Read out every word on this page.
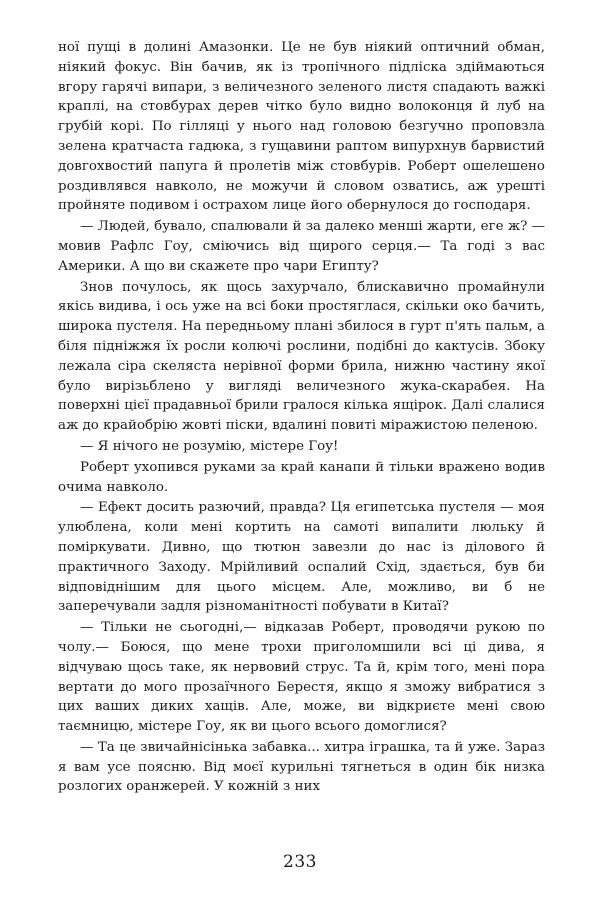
ної пущі в долині Амазонки. Це не був ніякий оптичний обман, ніякий фокус. Він бачив, як із тропічного підліска здіймаються вгору гарячі випари, з величезного зеленого листя спадають важкі краплі, на стовбурах дерев чітко було видно волоконця й луб на грубій корі. По гілляці у нього над головою безгучно проповзла зелена кратчаста гадюка, з гущавини раптом випурхнув барвистий довгохвостий папуга й пролетів між стовбурів. Роберт ошелешено роздивлявся навколо, не можучи й словом озватись, аж урешті пройняте подивом і острахом лице його обернулося до господаря.

— Людей, бувало, спалювали й за далеко менші жарти, еге ж? — мовив Рафлс Гоу, сміючись від щирого серця.— Та годі з вас Америки. А що ви скажете про чари Египту?

Знов почулось, як щось захурчало, блискавично промайнули якісь видива, і ось уже на всі боки простяглася, скільки око бачить, широка пустеля. На передньому плані збилося в гурт п'ять пальм, а біля підніжжя їх росли колючі рослини, подібні до кактусів. Збоку лежала сіра скеляста нерівної форми брила, нижню частину якої було вирізьблено у вигляді величезного жука-скарабея. На поверхні цієї прадавньої брили гралося кілька ящірок. Далі слалися аж до крайобрію жовті піски, вдалині повиті міражистою пеленою.

— Я нічого не розумію, містере Гоу!

Роберт ухопився руками за край канапи й тільки вражено водив очима навколо.

— Ефект досить разючий, правда? Ця египетська пустеля — моя улюблена, коли мені кортить на самоті випалити люльку й поміркувати. Дивно, що тютюн завезли до нас із ділового й практичного Заходу. Мрійливий оспалий Схід, здається, був би відповіднішим для цього місцем. Але, можливо, ви б не заперечували задля різноманітності побувати в Китаї?

— Тільки не сьогодні,— відказав Роберт, проводячи рукою по чолу.— Боюся, що мене трохи приголомшили всі ці дива, я відчуваю щось таке, як нервовий струс. Та й, крім того, мені пора вертати до мого прозаїчного Берестя, якщо я зможу вибратися з цих ваших диких хащів. Але, може, ви відкриєте мені свою таємницю, містере Гоу, як ви цього всього домоглися?

— Та це звичайнісінька забавка... хитра іграшка, та й уже. Зараз я вам усе поясню. Від моєї курильні тягнеться в один бік низка розлогих оранжерей. У кожній з них

233
